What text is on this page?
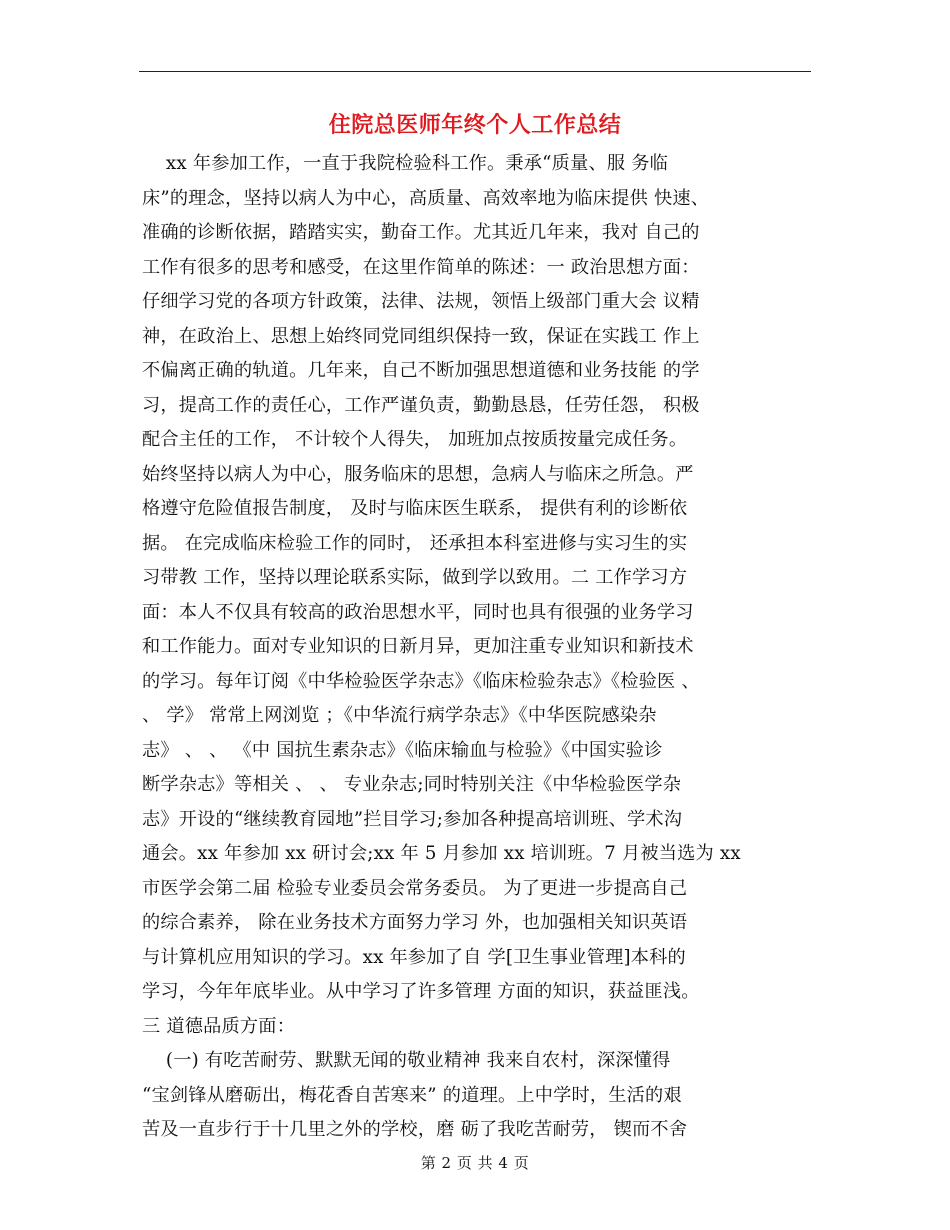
住院总医师年终个人工作总结
xx 年参加工作，一直于我院检验科工作。秉承“质量、服 务临
床”的理念，坚持以病人为中心，高质量、高效率地为临床提供 快速、
准确的诊断依据，踏踏实实，勤奋工作。尤其近几年来，我对 自己的
工作有很多的思考和感受，在这里作简单的陈述：一 政治思想方面：
仔细学习党的各项方针政策，法律、法规，领悟上级部门重大会 议精
神，在政治上、思想上始终同党同组织保持一致，保证在实践工 作上
不偏离正确的轨道。几年来，自己不断加强思想道德和业务技能 的学
习，提高工作的责任心，工作严谨负责，勤勤恳恳，任劳任怨， 积极
配合主任的工作， 不计较个人得失， 加班加点按质按量完成任务。
始终坚持以病人为中心，服务临床的思想，急病人与临床之所急。严
格遵守危险值报告制度， 及时与临床医生联系， 提供有利的诊断依
据。 在完成临床检验工作的同时， 还承担本科室进修与实习生的实
习带教 工作，坚持以理论联系实际，做到学以致用。二 工作学习方
面：本人不仅具有较高的政治思想水平，同时也具有很强的业务学习
和工作能力。面对专业知识的日新月异，更加注重专业知识和新技术
的学习。每年订阅《中华检验医学杂志》《临床检验杂志》《检验医 、
、 学》 常常上网浏览 ；《中华流行病学杂志》《中华医院感染杂
志》 、 、 《中 国抗生素杂志》《临床输血与检验》《中国实验诊
断学杂志》等相关 、 、 专业杂志;同时特别关注《中华检验医学杂
志》开设的“继续教育园地”拦目学习;参加各种提高培训班、学术沟
通会。xx 年参加 xx 研讨会;xx 年 5 月参加 xx 培训班。7 月被当选为 xx
市医学会第二届 检验专业委员会常务委员。 为了更进一步提高自己
的综合素养， 除在业务技术方面努力学习 外，也加强相关知识英语
与计算机应用知识的学习。xx 年参加了自 学[卫生事业管理]本科的
学习，今年年底毕业。从中学习了许多管理 方面的知识，获益匪浅。
三 道德品质方面：
(一) 有吃苦耐劳、默默无闻的敬业精神 我来自农村，深深懂得
“宝剑锋从磨砺出，梅花香自苦寒来” 的道理。上中学时，生活的艰
苦及一直步行于十几里之外的学校，磨 砺了我吃苦耐劳， 锲而不舍
第 2 页 共 4 页
